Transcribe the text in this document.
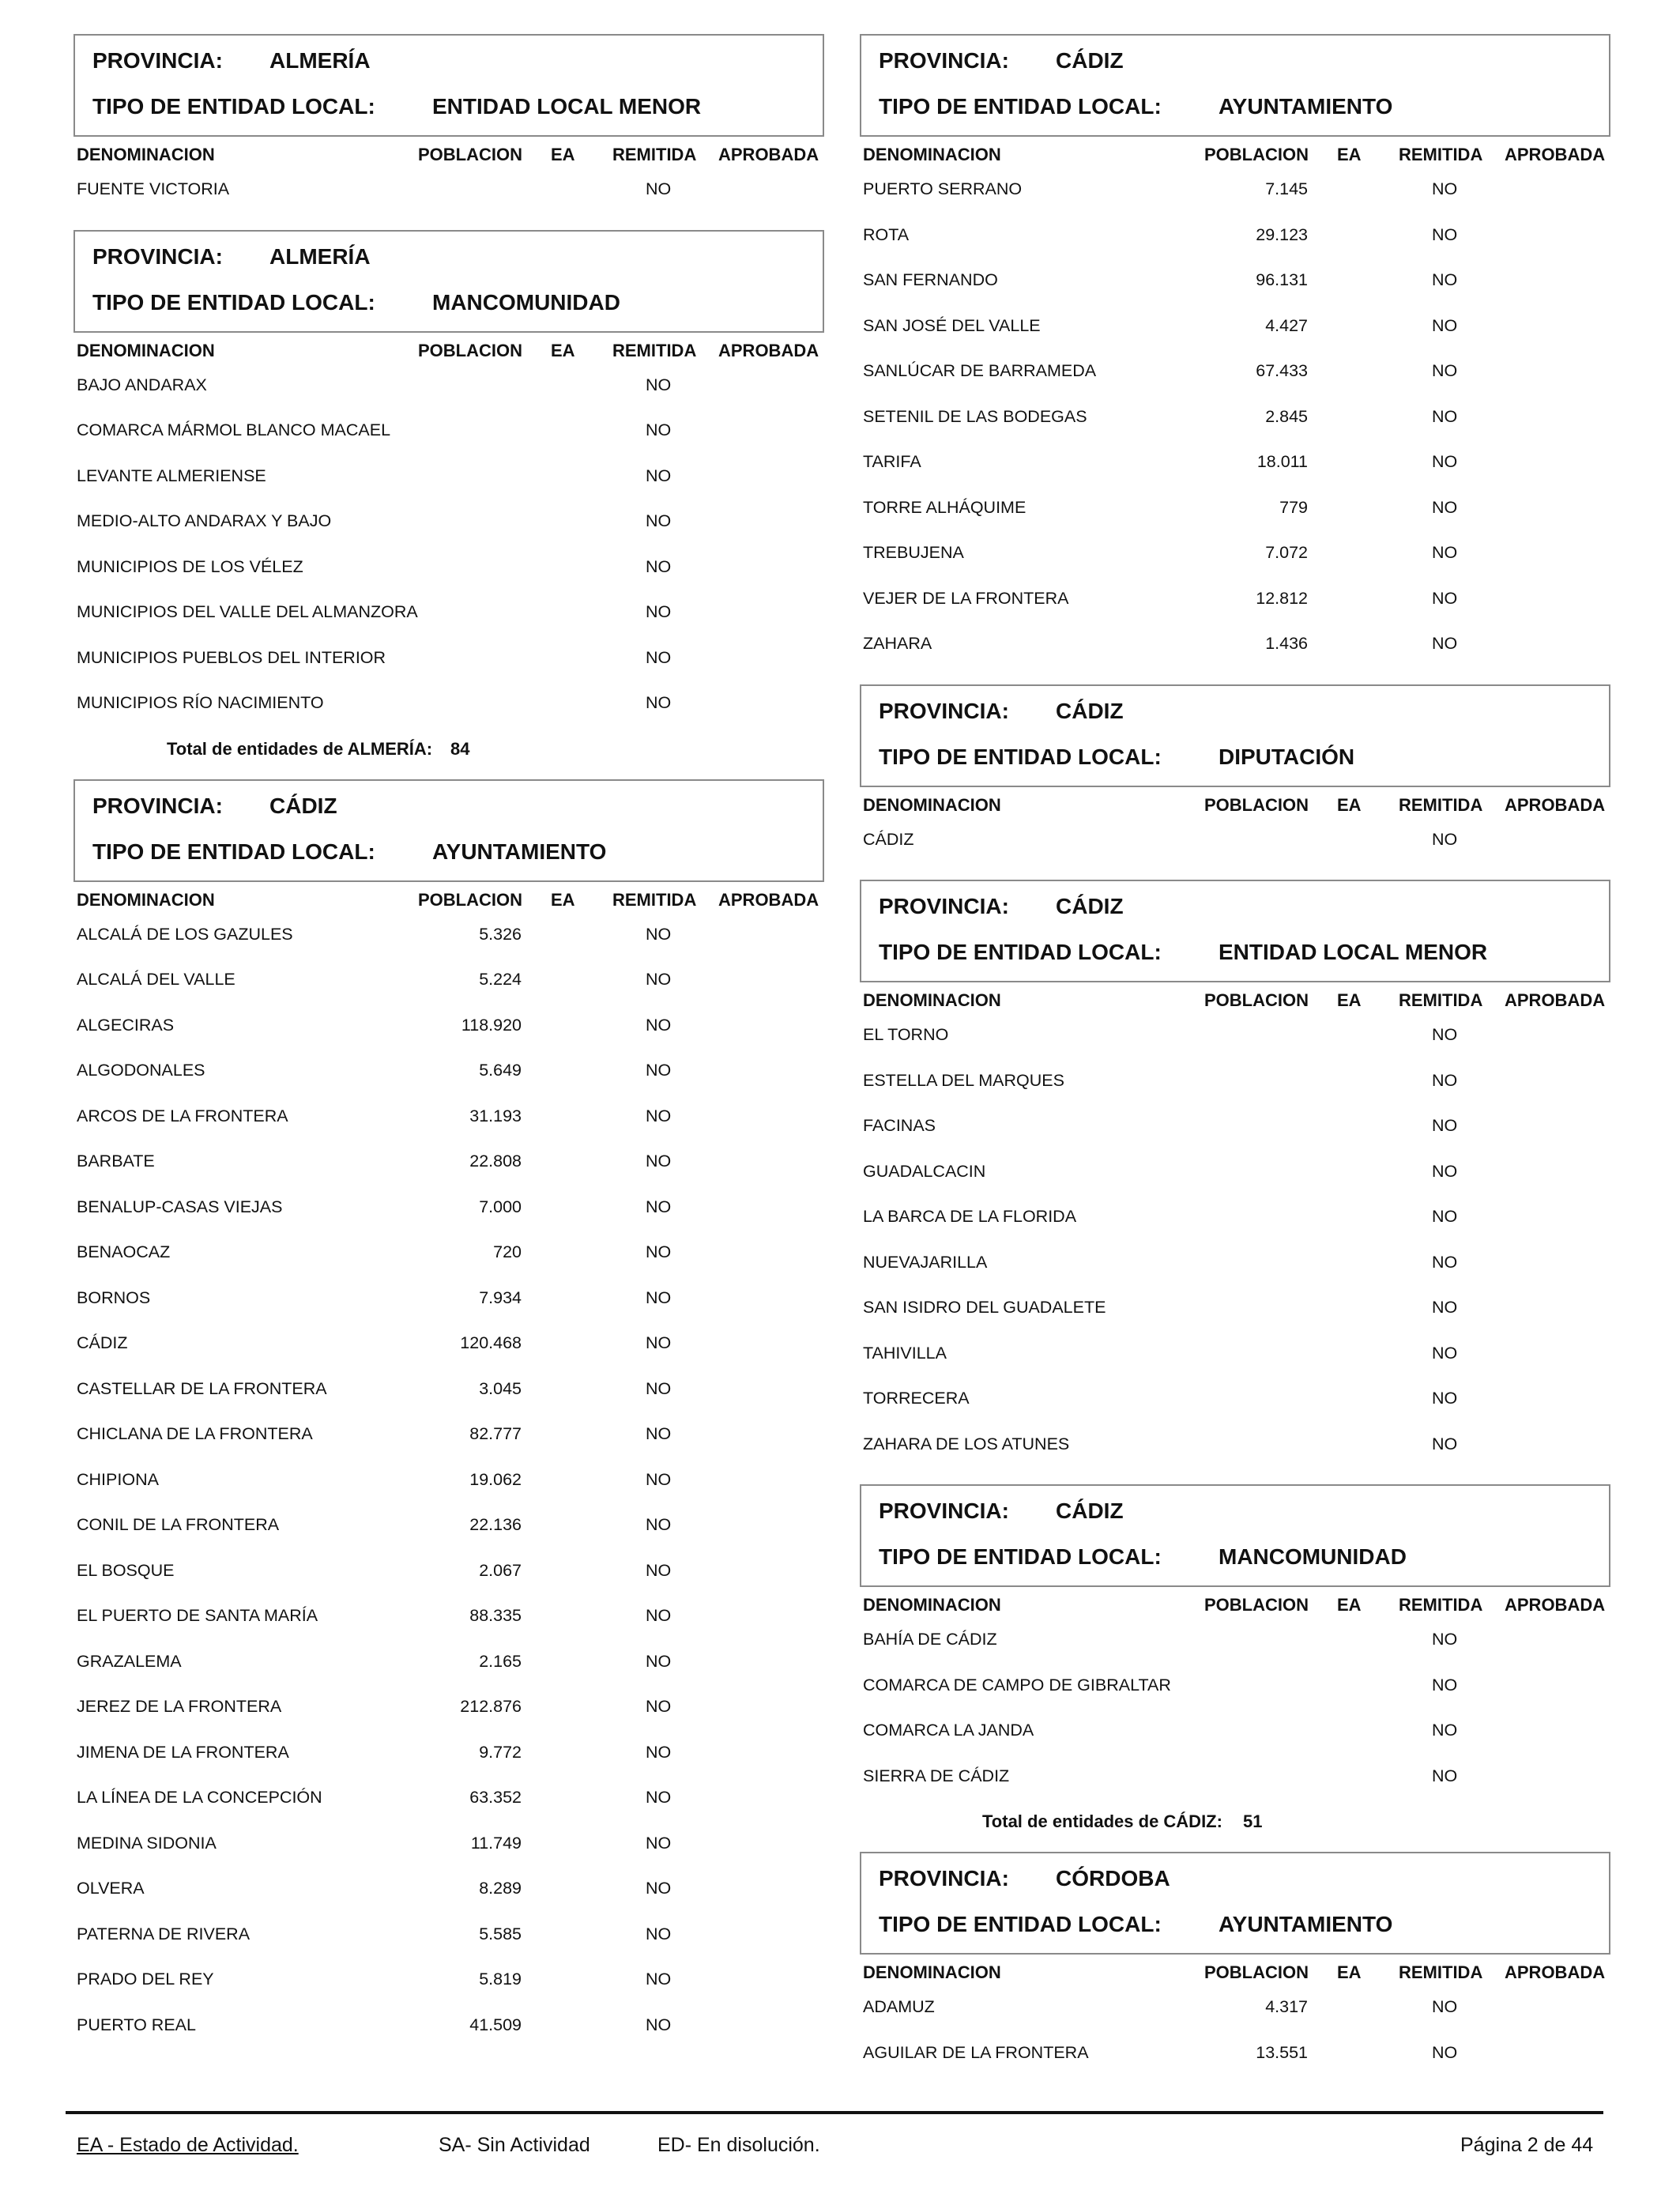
PROVINCIA: ALMERÍA
TIPO DE ENTIDAD LOCAL:	ENTIDAD LOCAL MENOR
DENOMINACION	POBLACION EA REMITIDA APROBADA
FUENTE VICTORIA	NO
PROVINCIA: ALMERÍA
TIPO DE ENTIDAD LOCAL:	MANCOMUNIDAD
DENOMINACION	POBLACION EA REMITIDA APROBADA
BAJO ANDARAX	NO
COMARCA MÁRMOL BLANCO MACAEL	NO
LEVANTE ALMERIENSE	NO
MEDIO-ALTO ANDARAX Y BAJO	NO
MUNICIPIOS DE LOS VÉLEZ	NO
MUNICIPIOS DEL VALLE DEL ALMANZORA	NO
MUNICIPIOS PUEBLOS DEL INTERIOR	NO
MUNICIPIOS RÍO NACIMIENTO	NO
Total de entidades de ALMERÍA: 84
PROVINCIA: CÁDIZ
TIPO DE ENTIDAD LOCAL:	AYUNTAMIENTO
DENOMINACION	POBLACION EA REMITIDA APROBADA
ALCALÁ DE LOS GAZULES	5.326	NO
ALCALÁ DEL VALLE	5.224	NO
ALGECIRAS	118.920	NO
ALGODONALES	5.649	NO
ARCOS DE LA FRONTERA	31.193	NO
BARBATE	22.808	NO
BENALUP-CASAS VIEJAS	7.000	NO
BENAOCAZ	720	NO
BORNOS	7.934	NO
CÁDIZ	120.468	NO
CASTELLAR DE LA FRONTERA	3.045	NO
CHICLANA DE LA FRONTERA	82.777	NO
CHIPIONA	19.062	NO
CONIL DE LA FRONTERA	22.136	NO
EL BOSQUE	2.067	NO
EL PUERTO DE SANTA MARÍA	88.335	NO
GRAZALEMA	2.165	NO
JEREZ DE LA FRONTERA	212.876	NO
JIMENA DE LA FRONTERA	9.772	NO
LA LÍNEA DE LA CONCEPCIÓN	63.352	NO
MEDINA SIDONIA	11.749	NO
OLVERA	8.289	NO
PATERNA DE RIVERA	5.585	NO
PRADO DEL REY	5.819	NO
PUERTO REAL	41.509	NO
PROVINCIA: CÁDIZ
TIPO DE ENTIDAD LOCAL:	AYUNTAMIENTO
DENOMINACION	POBLACION EA REMITIDA APROBADA
PUERTO SERRANO	7.145	NO
ROTA	29.123	NO
SAN FERNANDO	96.131	NO
SAN JOSÉ DEL VALLE	4.427	NO
SANLÚCAR DE BARRAMEDA	67.433	NO
SETENIL DE LAS BODEGAS	2.845	NO
TARIFA	18.011	NO
TORRE ALHÁQUIME	779	NO
TREBUJENA	7.072	NO
VEJER DE LA FRONTERA	12.812	NO
ZAHARA	1.436	NO
PROVINCIA: CÁDIZ
TIPO DE ENTIDAD LOCAL:	DIPUTACIÓN
DENOMINACION	POBLACION EA REMITIDA APROBADA
CÁDIZ	NO
PROVINCIA: CÁDIZ
TIPO DE ENTIDAD LOCAL:	ENTIDAD LOCAL MENOR
DENOMINACION	POBLACION EA REMITIDA APROBADA
EL TORNO	NO
ESTELLA DEL MARQUES	NO
FACINAS	NO
GUADALCACIN	NO
LA BARCA DE LA FLORIDA	NO
NUEVAJARILLA	NO
SAN ISIDRO DEL GUADALETE	NO
TAHIVILLA	NO
TORRECERA	NO
ZAHARA DE LOS ATUNES	NO
PROVINCIA: CÁDIZ
TIPO DE ENTIDAD LOCAL:	MANCOMUNIDAD
DENOMINACION	POBLACION EA REMITIDA APROBADA
BAHÍA DE CÁDIZ	NO
COMARCA DE CAMPO DE GIBRALTAR	NO
COMARCA LA JANDA	NO
SIERRA DE CÁDIZ	NO
Total de entidades de CÁDIZ: 51
PROVINCIA: CÓRDOBA
TIPO DE ENTIDAD LOCAL:	AYUNTAMIENTO
DENOMINACION	POBLACION EA REMITIDA APROBADA
ADAMUZ	4.317	NO
AGUILAR DE LA FRONTERA	13.551	NO
EA - Estado de Actividad.	SA- Sin Actividad	ED- En disolución.	Página 2 de 44
